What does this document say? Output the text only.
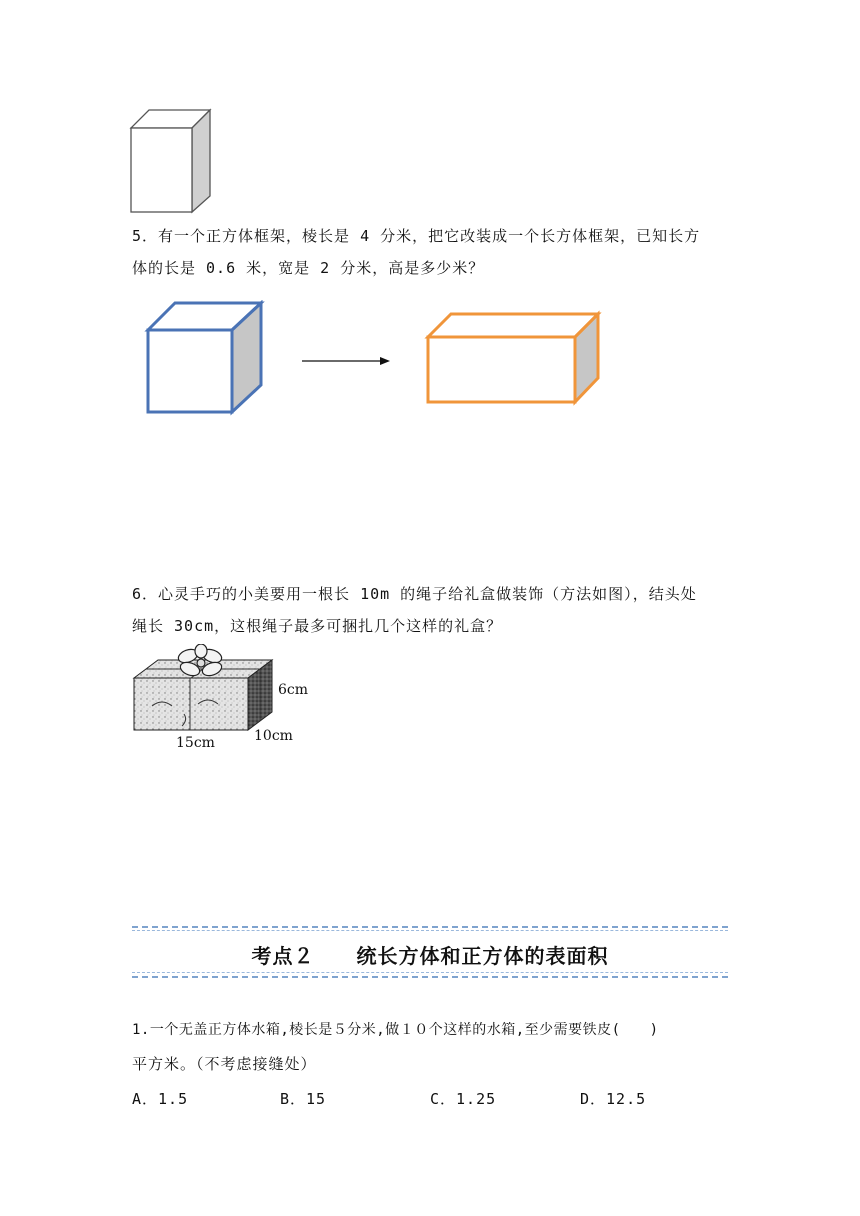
5．有一个正方体框架，棱长是 4 分米，把它改装成一个长方体框架，已知长方
体的长是 0.6 米，宽是 2 分米，高是多少米？
6．心灵手巧的小美要用一根长 10m 的绳子给礼盒做装饰（方法如图），结头处
绳长 30cm，这根绳子最多可捆扎几个这样的礼盒？
6cm
10cm
15cm
考点２　　统长方体和正方体的表面积
1.一个无盖正方体水箱,棱长是５分米,做１０个这样的水箱,至少需要铁皮(　　)
平方米。（不考虑接缝处）
A．1.5	B．15	C．1.25	D．12.5
